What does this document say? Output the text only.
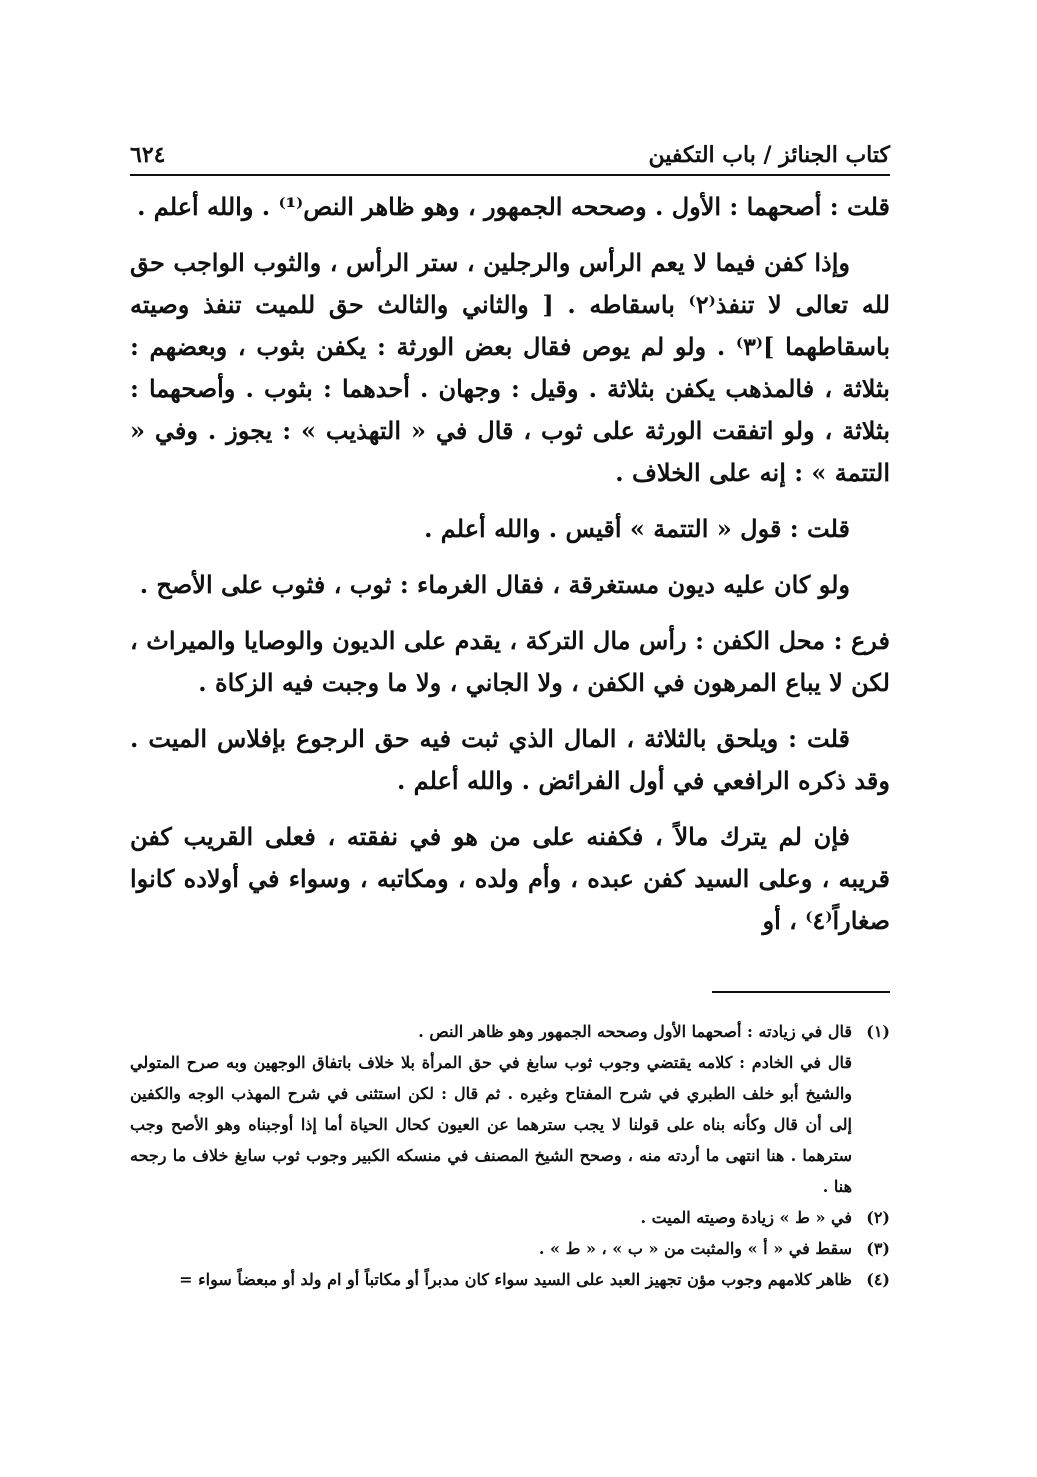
كتاب الجنائز / باب التكفين
٦٢٤

قلت : أصحهما : الأول . وصححه الجمهور ، وهو ظاهر النص⁽¹⁾ . والله أعلم .

وإذا كفن فيما لا يعم الرأس والرجلين ، ستر الرأس ، والثوب الواجب حق لله تعالى لا تنفذ⁽٢⁾ باسقاطه . [ والثاني والثالث حق للميت تنفذ وصيته باسقاطهما ]⁽٣⁾ . ولو لم يوص فقال بعض الورثة : يكفن بثوب ، وبعضهم : بثلاثة ، فالمذهب يكفن بثلاثة . وقيل : وجهان . أحدهما : بثوب . وأصحهما : بثلاثة ، ولو اتفقت الورثة على ثوب ، قال في « التهذيب » : يجوز . وفي « التتمة » : إنه على الخلاف .

قلت : قول « التتمة » أقيس . والله أعلم .

ولو كان عليه ديون مستغرقة ، فقال الغرماء : ثوب ، فثوب على الأصح .

فرع : محل الكفن : رأس مال التركة ، يقدم على الديون والوصايا والميراث ، لكن لا يباع المرهون في الكفن ، ولا الجاني ، ولا ما وجبت فيه الزكاة .

قلت : ويلحق بالثلاثة ، المال الذي ثبت فيه حق الرجوع بإفلاس الميت . وقد ذكره الرافعي في أول الفرائض . والله أعلم .

فإن لم يترك مالاً ، فكفنه على من هو في نفقته ، فعلى القريب كفن قريبه ، وعلى السيد كفن عبده ، وأم ولده ، ومكاتبه ، وسواء في أولاده كانوا صغاراً⁽٤⁾ ، أو

(١)
قال في زيادته : أصحهما الأول وصححه الجمهور وهو ظاهر النص .
قال في الخادم : كلامه يقتضي وجوب ثوب سابغ في حق المرأة بلا خلاف باتفاق الوجهين وبه صرح المتولي والشيخ أبو خلف الطبري في شرح المفتاح وغيره . ثم قال : لكن استثنى في شرح المهذب الوجه والكفين إلى أن قال وكأنه بناه على قولنا لا يجب سترهما عن العيون كحال الحياة أما إذا أوجبناه وهو الأصح وجب سترهما . هنا انتهى ما أردته منه ، وصحح الشيخ المصنف في منسكه الكبير وجوب ثوب سابغ خلاف ما رجحه هنا .
(٢)
في « ط » زيادة وصيته الميت .
(٣)
سقط في « أ » والمثبت من « ب » ، « ط » .
(٤)
ظاهر كلامهم وجوب مؤن تجهيز العبد على السيد سواء كان مدبراً أو مكاتباً أو ام ولد أو مبعضاً سواء =
